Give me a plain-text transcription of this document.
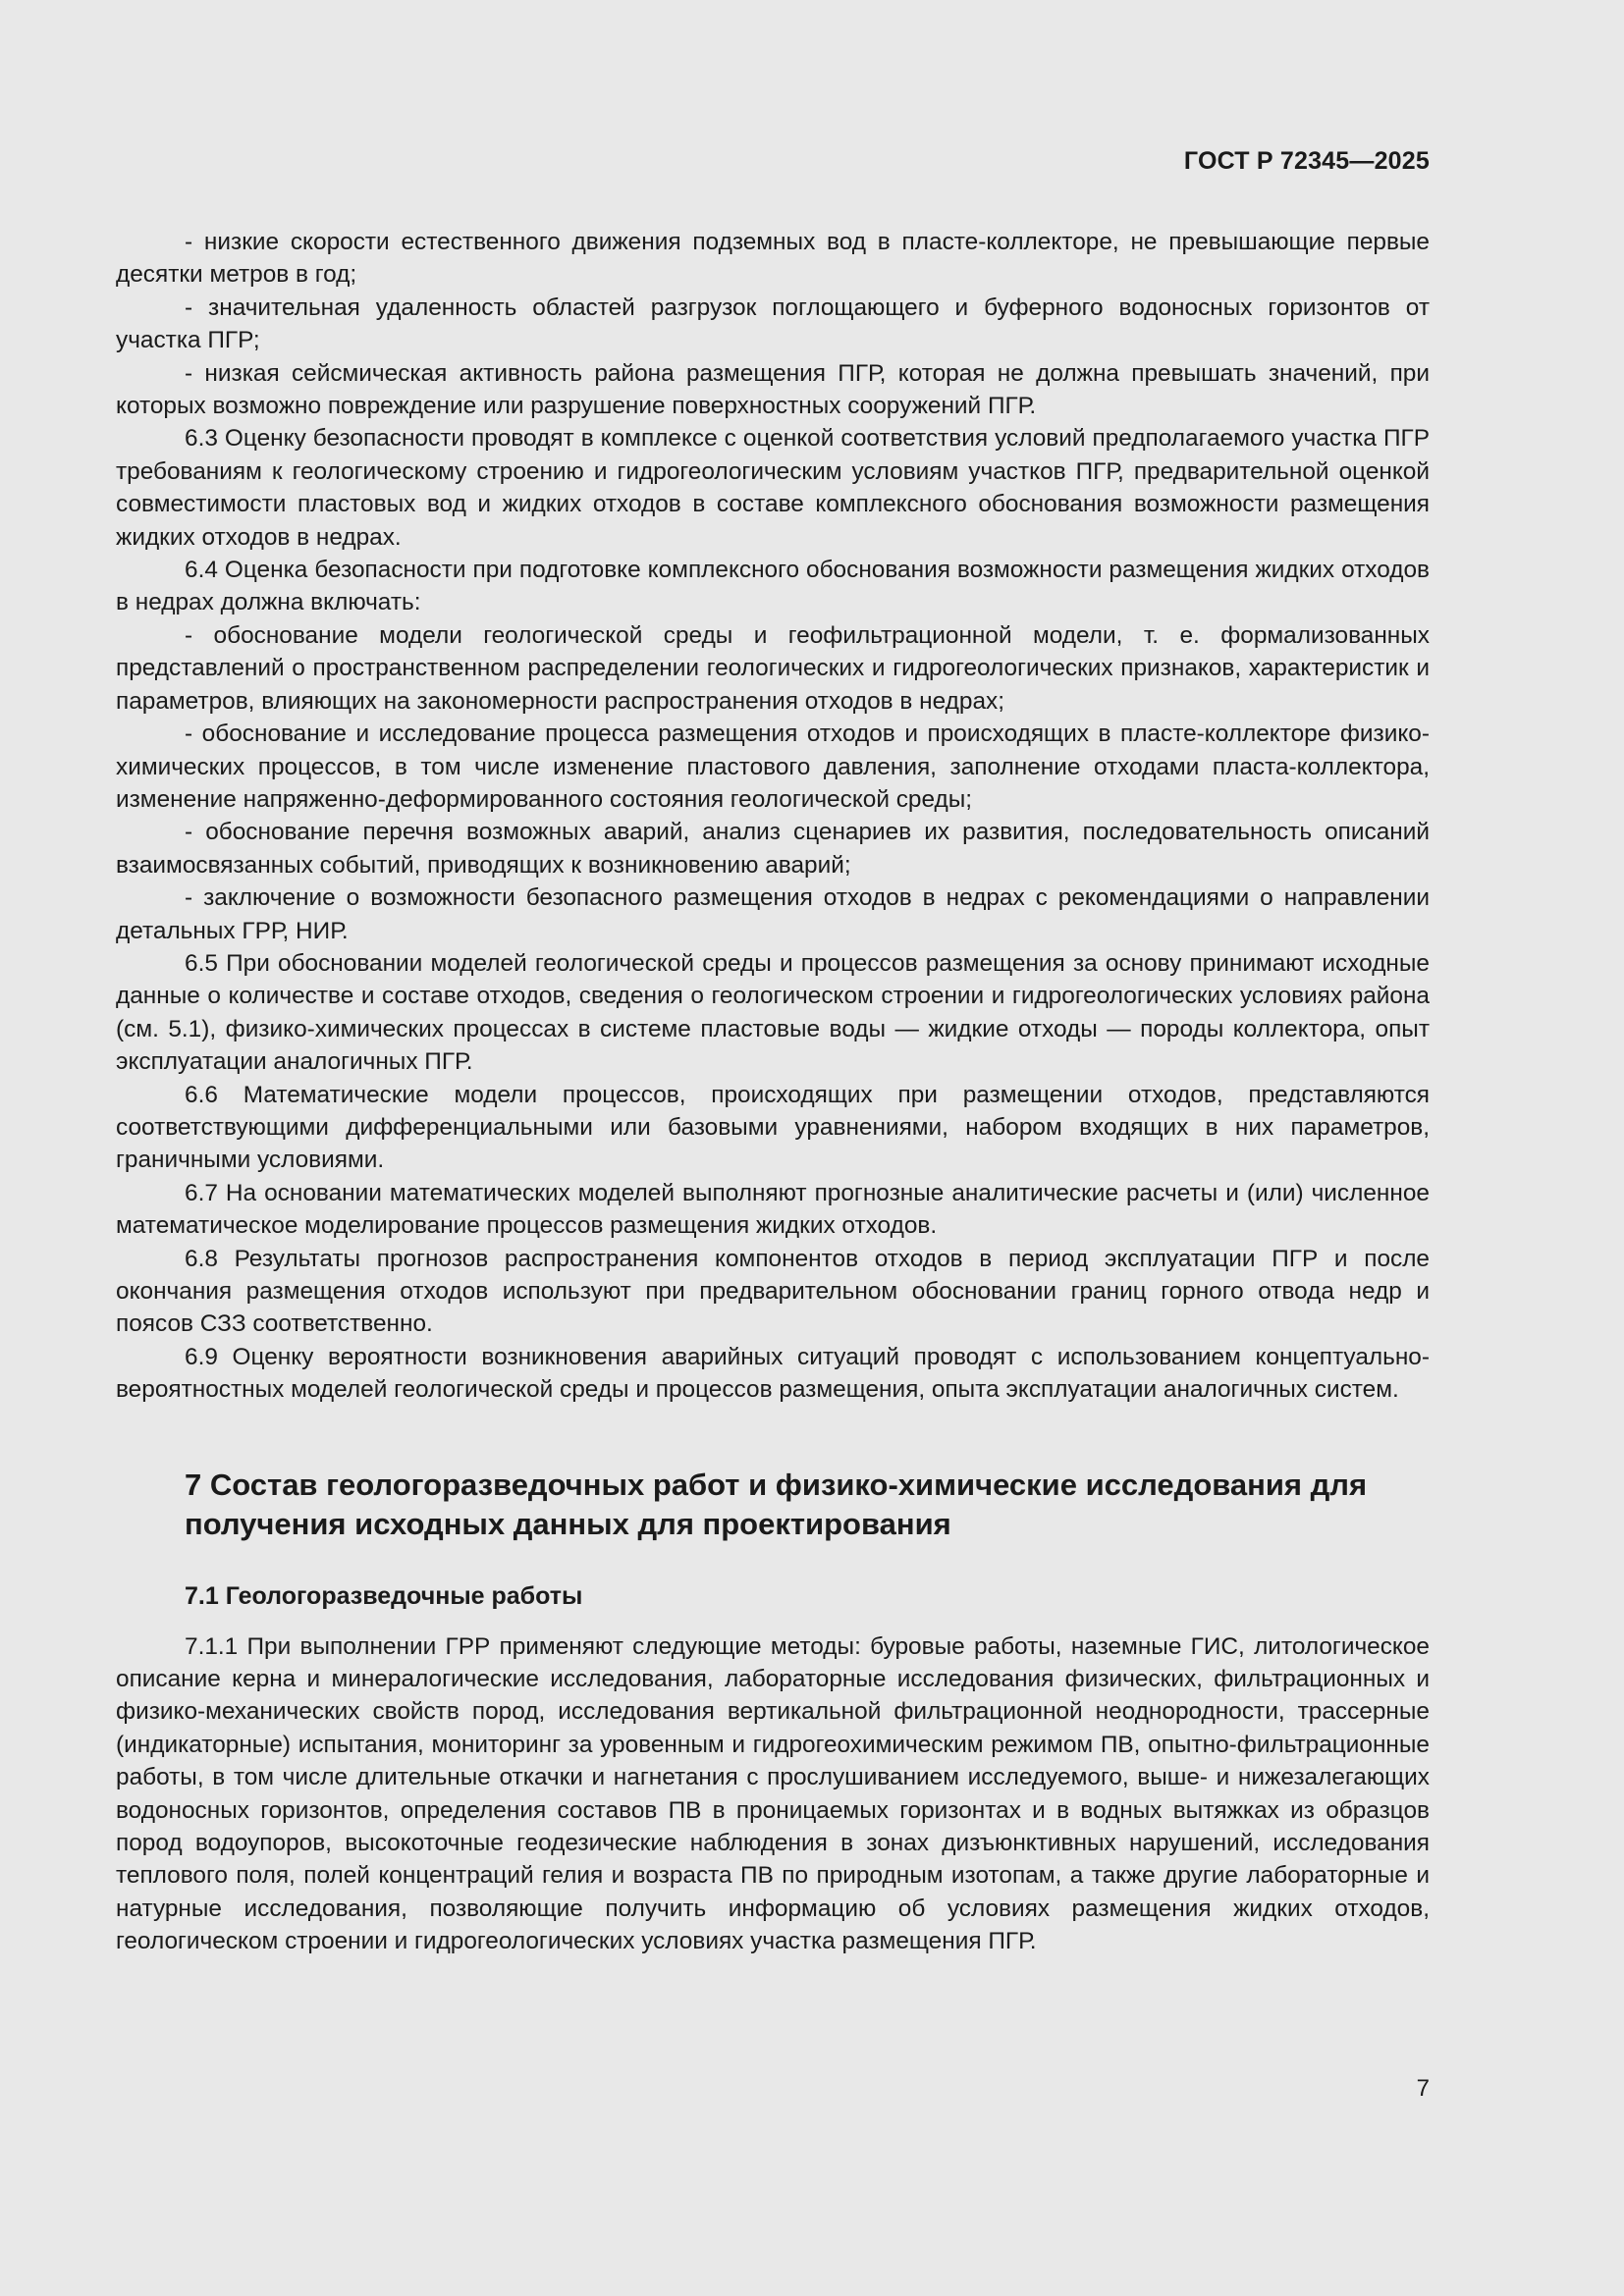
ГОСТ Р 72345—2025

- низкие скорости естественного движения подземных вод в пласте-коллекторе, не превышающие первые десятки метров в год;

- значительная удаленность областей разгрузок поглощающего и буферного водоносных горизонтов от участка ПГР;

- низкая сейсмическая активность района размещения ПГР, которая не должна превышать значений, при которых возможно повреждение или разрушение поверхностных сооружений ПГР.

6.3 Оценку безопасности проводят в комплексе с оценкой соответствия условий предполагаемого участка ПГР требованиям к геологическому строению и гидрогеологическим условиям участков ПГР, предварительной оценкой совместимости пластовых вод и жидких отходов в составе комплексного обоснования возможности размещения жидких отходов в недрах.

6.4 Оценка безопасности при подготовке комплексного обоснования возможности размещения жидких отходов в недрах должна включать:

- обоснование модели геологической среды и геофильтрационной модели, т. е. формализованных представлений о пространственном распределении геологических и гидрогеологических признаков, характеристик и параметров, влияющих на закономерности распространения отходов в недрах;

- обоснование и исследование процесса размещения отходов и происходящих в пласте-коллекторе физико-химических процессов, в том числе изменение пластового давления, заполнение отходами пласта-коллектора, изменение напряженно-деформированного состояния геологической среды;

- обоснование перечня возможных аварий, анализ сценариев их развития, последовательность описаний взаимосвязанных событий, приводящих к возникновению аварий;

- заключение о возможности безопасного размещения отходов в недрах с рекомендациями о направлении детальных ГРР, НИР.

6.5 При обосновании моделей геологической среды и процессов размещения за основу принимают исходные данные о количестве и составе отходов, сведения о геологическом строении и гидрогеологических условиях района (см. 5.1), физико-химических процессах в системе пластовые воды — жидкие отходы — породы коллектора, опыт эксплуатации аналогичных ПГР.

6.6 Математические модели процессов, происходящих при размещении отходов, представляются соответствующими дифференциальными или базовыми уравнениями, набором входящих в них параметров, граничными условиями.

6.7 На основании математических моделей выполняют прогнозные аналитические расчеты и (или) численное математическое моделирование процессов размещения жидких отходов.

6.8 Результаты прогнозов распространения компонентов отходов в период эксплуатации ПГР и после окончания размещения отходов используют при предварительном обосновании границ горного отвода недр и поясов СЗЗ соответственно.

6.9 Оценку вероятности возникновения аварийных ситуаций проводят с использованием концептуально-вероятностных моделей геологической среды и процессов размещения, опыта эксплуатации аналогичных систем.

7 Состав геологоразведочных работ и физико-химические исследования для получения исходных данных для проектирования
7.1 Геологоразведочные работы

7.1.1 При выполнении ГРР применяют следующие методы: буровые работы, наземные ГИС, литологическое описание керна и минералогические исследования, лабораторные исследования физических, фильтрационных и физико-механических свойств пород, исследования вертикальной фильтрационной неоднородности, трассерные (индикаторные) испытания, мониторинг за уровенным и гидрогеохимическим режимом ПВ, опытно-фильтрационные работы, в том числе длительные откачки и нагнетания с прослушиванием исследуемого, выше- и нижезалегающих водоносных горизонтов, определения составов ПВ в проницаемых горизонтах и в водных вытяжках из образцов пород водоупоров, высокоточные геодезические наблюдения в зонах дизъюнктивных нарушений, исследования теплового поля, полей концентраций гелия и возраста ПВ по природным изотопам, а также другие лабораторные и натурные исследования, позволяющие получить информацию об условиях размещения жидких отходов, геологическом строении и гидрогеологических условиях участка размещения ПГР.

7
